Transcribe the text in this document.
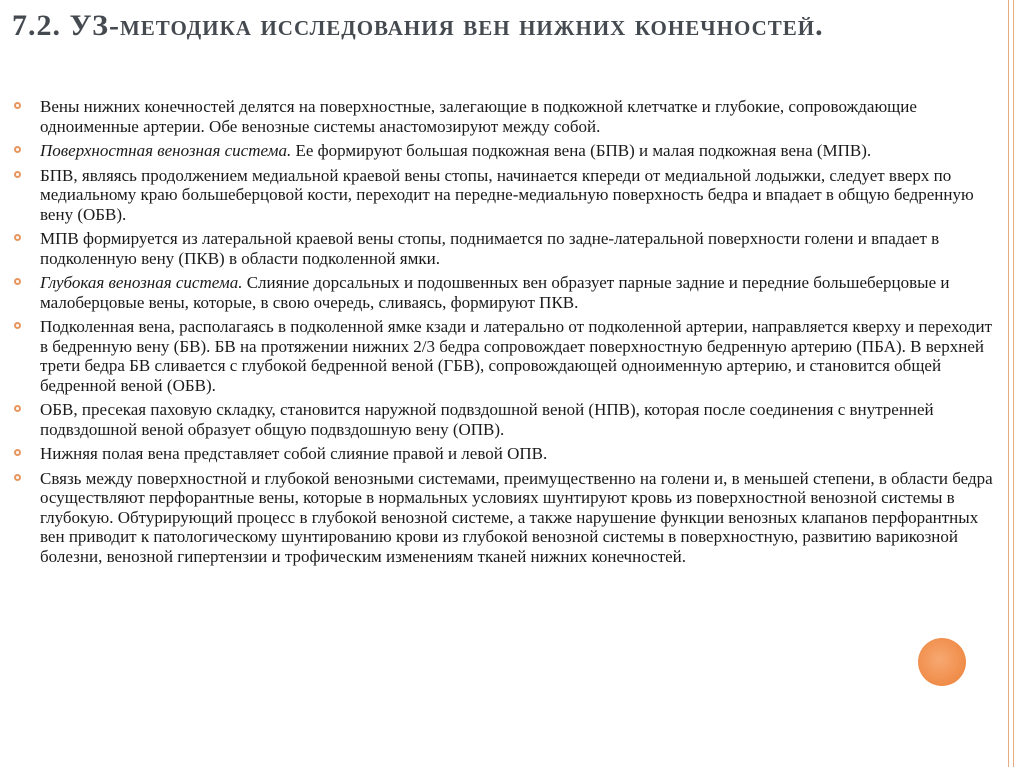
7.2. УЗ-методика исследования вен нижних конечностей.
Вены нижних конечностей делятся на поверхностные, залегающие в подкожной клетчатке и глубокие, сопровождающие одноименные артерии. Обе венозные системы анастомозируют между собой.
Поверхностная венозная система. Ее формируют большая подкожная вена (БПВ) и малая подкожная вена (МПВ).
БПВ, являясь продолжением медиальной краевой вены стопы, начинается кпереди от медиальной лодыжки, следует вверх по медиальному краю большеберцовой кости, переходит на передне-медиальную поверхность бедра и впадает в общую бедренную вену (ОБВ).
МПВ формируется из латеральной краевой вены стопы, поднимается по задне-латеральной поверхности голени и впадает в подколенную вену (ПКВ) в области подколенной ямки.
Глубокая венозная система. Слияние дорсальных и подошвенных вен образует парные задние и передние большеберцовые и малоберцовые вены, которые, в свою очередь, сливаясь, формируют ПКВ.
Подколенная вена, располагаясь в подколенной ямке кзади и латерально от подколенной артерии, направляется кверху и переходит в бедренную вену (БВ). БВ на протяжении нижних 2/3 бедра сопровождает поверхностную бедренную артерию (ПБА). В верхней трети бедра БВ сливается с глубокой бедренной веной (ГБВ), сопровождающей одноименную артерию, и становится общей бедренной веной (ОБВ).
ОБВ, пресекая паховую складку, становится наружной подвздошной веной (НПВ), которая после соединения с внутренней подвздошной веной образует общую подвздошную вену (ОПВ).
Нижняя полая вена представляет собой слияние правой и левой ОПВ.
Связь между поверхностной и глубокой венозными системами, преимущественно на голени и, в меньшей степени, в области бедра осуществляют перфорантные вены, которые в нормальных условиях шунтируют кровь из поверхностной венозной системы в глубокую. Обтурирующий процесс в глубокой венозной системе, а также нарушение функции венозных клапанов перфорантных вен приводит к патологическому шунтированию крови из глубокой венозной системы в поверхностную, развитию варикозной болезни, венозной гипертензии и трофическим изменениям тканей нижних конечностей.
